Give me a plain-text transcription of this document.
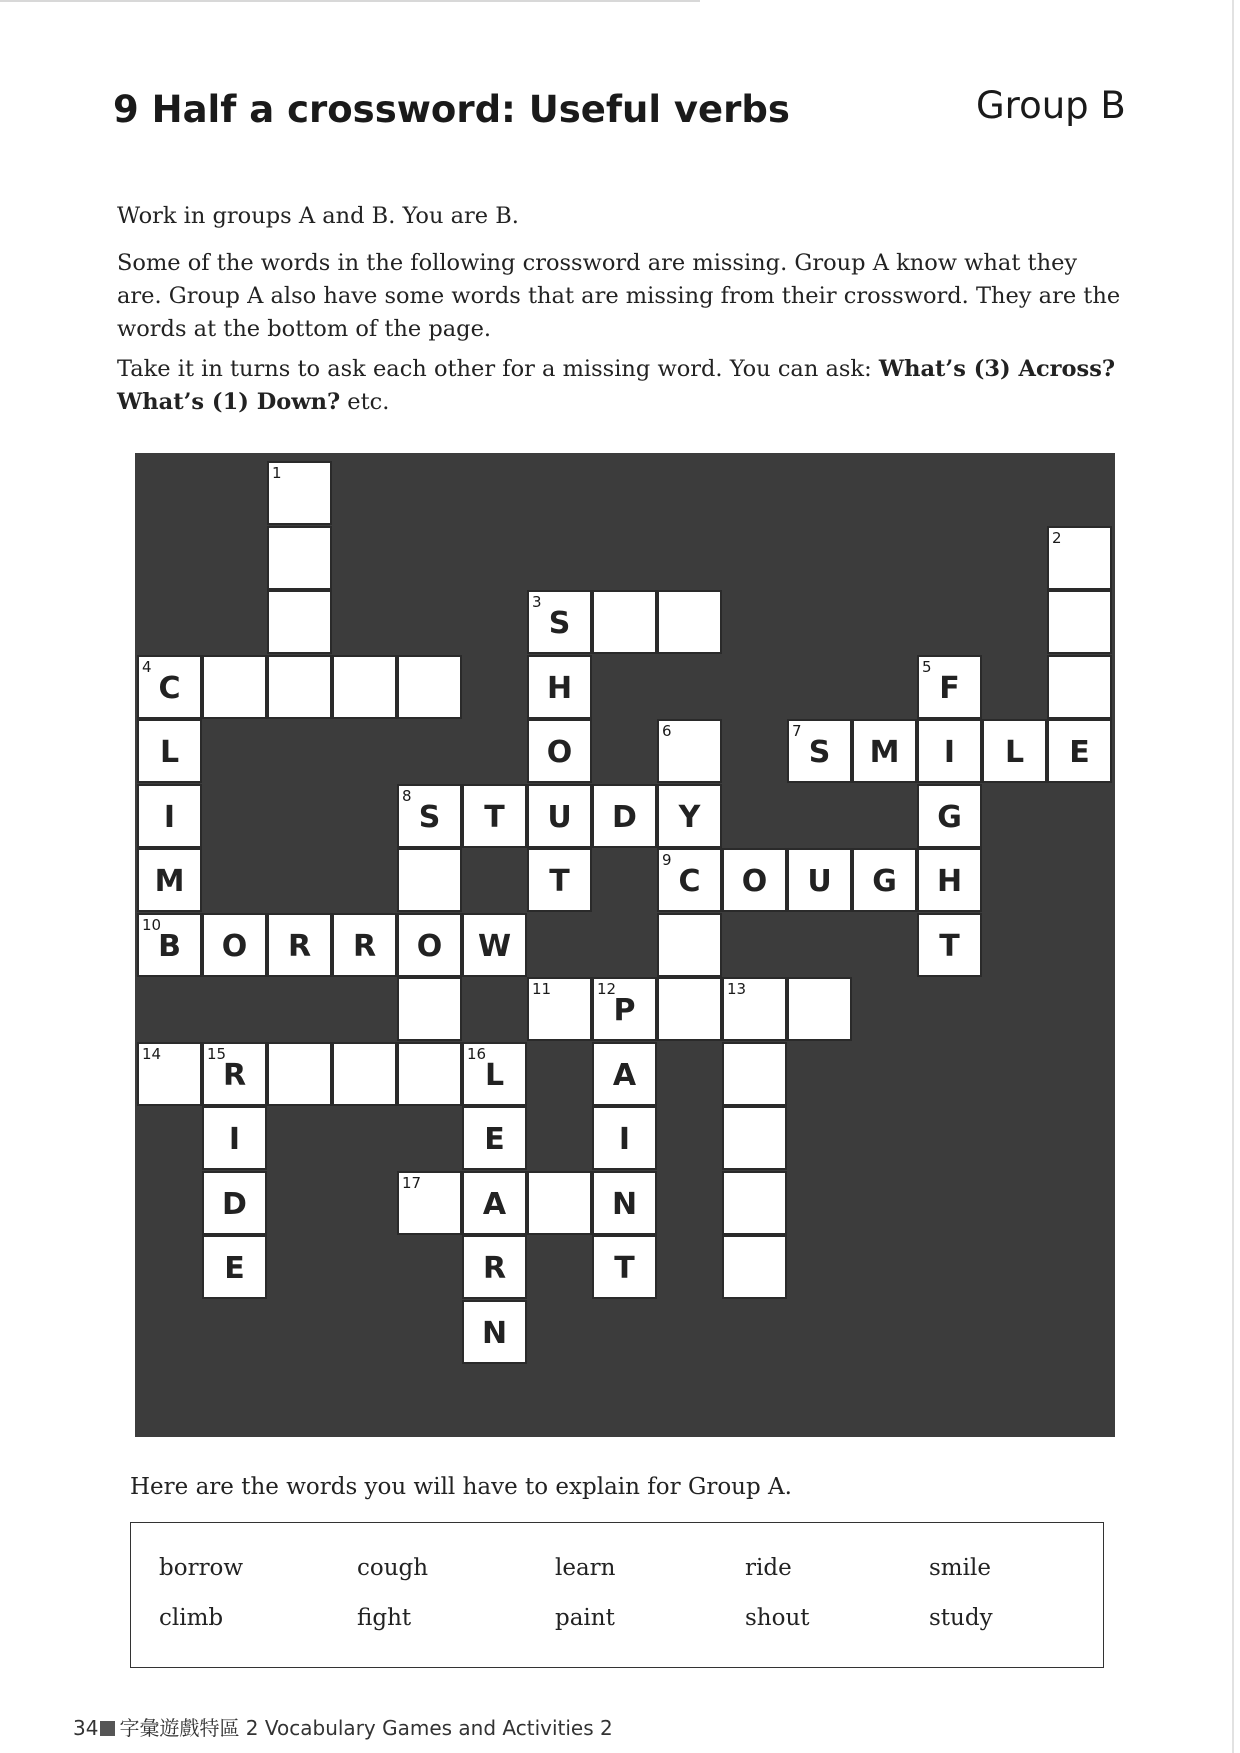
9 Half a crossword: Useful verbs	Group B

Work in groups A and B. You are B.

Some of the words in the following crossword are missing. Group A know what they are. Group A also have some words that are missing from their crossword. They are the words at the bottom of the page.

Take it in turns to ask each other for a missing word. You can ask: What’s (3) Across? What’s (1) Down? etc.

1
2
3
S
4
C	H
5
F
L	O
6	7
S	M	I	L	E
I
8
S	T	U	D	Y	G
M	T
9
C	O	U	G	H
10
B	O	R	R	O	W	T
11	12
P
13
14	15
R
16
L	A
I	E	I
D
17
A	N
E	R	T
N
Here are the words you will have to explain for Group A.
borrow	cough	learn	ride	smile
climb	fight	paint	shout	study
34 字彙遊戲特區 2 Vocabulary Games and Activities 2
